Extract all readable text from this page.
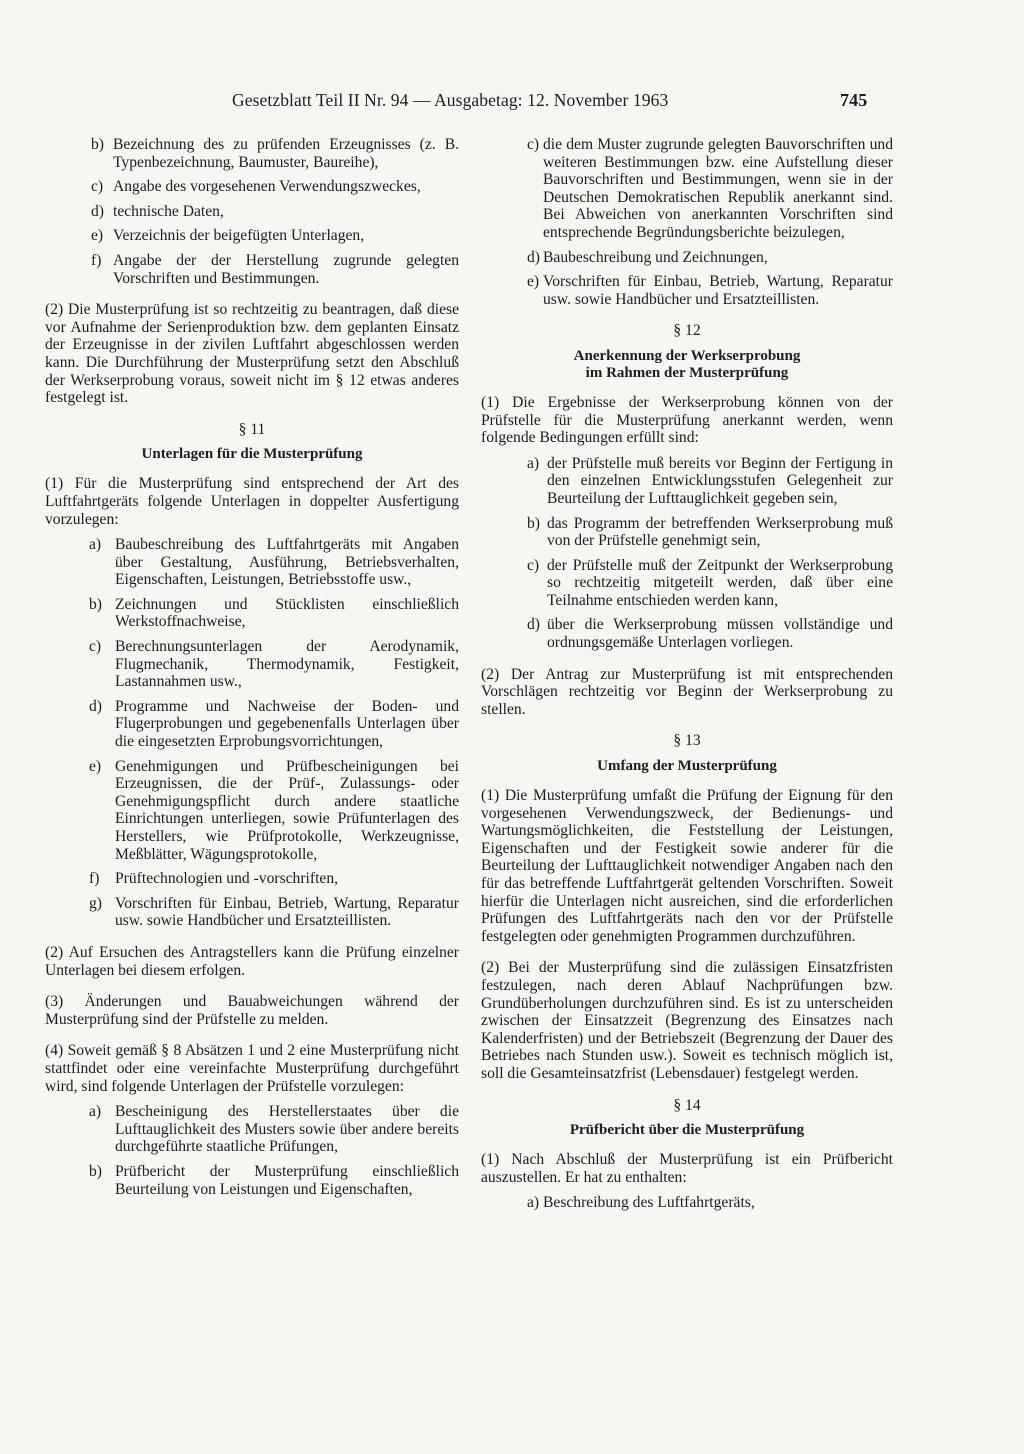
Gesetzblatt Teil II Nr. 94 — Ausgabetag: 12. November 1963	745
b) Bezeichnung des zu prüfenden Erzeugnisses (z. B. Typenbezeichnung, Baumuster, Baureihe),
c) Angabe des vorgesehenen Verwendungszweckes,
d) technische Daten,
e) Verzeichnis der beigefügten Unterlagen,
f) Angabe der der Herstellung zugrunde gelegten Vorschriften und Bestimmungen.

(2) Die Musterprüfung ist so rechtzeitig zu beantragen, daß diese vor Aufnahme der Serienproduktion bzw. dem geplanten Einsatz der Erzeugnisse in der zivilen Luftfahrt abgeschlossen werden kann. Die Durchführung der Musterprüfung setzt den Abschluß der Werkserprobung voraus, soweit nicht im § 12 etwas anderes festgelegt ist.

§ 11
Unterlagen für die Musterprüfung

(1) Für die Musterprüfung sind entsprechend der Art des Luftfahrtgeräts folgende Unterlagen in doppelter Ausfertigung vorzulegen:

a) Baubeschreibung des Luftfahrtgeräts mit Angaben über Gestaltung, Ausführung, Betriebsverhalten, Eigenschaften, Leistungen, Betriebsstoffe usw.,
b) Zeichnungen und Stücklisten einschließlich Werkstoffnachweise,
c) Berechnungsunterlagen der Aerodynamik, Flugmechanik, Thermodynamik, Festigkeit, Lastannahmen usw.,
d) Programme und Nachweise der Boden- und Flugerprobungen und gegebenenfalls Unterlagen über die eingesetzten Erprobungsvorrichtungen,
e) Genehmigungen und Prüfbescheinigungen bei Erzeugnissen, die der Prüf-, Zulassungs- oder Genehmigungspflicht durch andere staatliche Einrichtungen unterliegen, sowie Prüfunterlagen des Herstellers, wie Prüfprotokolle, Werkzeugnisse, Meßblätter, Wägungsprotokolle,
f) Prüftechnologien und -vorschriften,
g) Vorschriften für Einbau, Betrieb, Wartung, Reparatur usw. sowie Handbücher und Ersatzteillisten.

(2) Auf Ersuchen des Antragstellers kann die Prüfung einzelner Unterlagen bei diesem erfolgen.

(3) Änderungen und Bauabweichungen während der Musterprüfung sind der Prüfstelle zu melden.

(4) Soweit gemäß § 8 Absätzen 1 und 2 eine Musterprüfung nicht stattfindet oder eine vereinfachte Musterprüfung durchgeführt wird, sind folgende Unterlagen der Prüfstelle vorzulegen:

a) Bescheinigung des Herstellerstaates über die Lufttauglichkeit des Musters sowie über andere bereits durchgeführte staatliche Prüfungen,
b) Prüfbericht der Musterprüfung einschließlich Beurteilung von Leistungen und Eigenschaften,
c) die dem Muster zugrunde gelegten Bauvorschriften und weiteren Bestimmungen bzw. eine Aufstellung dieser Bauvorschriften und Bestimmungen, wenn sie in der Deutschen Demokratischen Republik anerkannt sind. Bei Abweichen von anerkannten Vorschriften sind entsprechende Begründungsberichte beizulegen,
d) Baubeschreibung und Zeichnungen,
e) Vorschriften für Einbau, Betrieb, Wartung, Reparatur usw. sowie Handbücher und Ersatzteillisten.
§ 12
Anerkennung der Werkserprobung
im Rahmen der Musterprüfung

(1) Die Ergebnisse der Werkserprobung können von der Prüfstelle für die Musterprüfung anerkannt werden, wenn folgende Bedingungen erfüllt sind:

a) der Prüfstelle muß bereits vor Beginn der Fertigung in den einzelnen Entwicklungsstufen Gelegenheit zur Beurteilung der Lufttauglichkeit gegeben sein,
b) das Programm der betreffenden Werkserprobung muß von der Prüfstelle genehmigt sein,
c) der Prüfstelle muß der Zeitpunkt der Werkserprobung so rechtzeitig mitgeteilt werden, daß über eine Teilnahme entschieden werden kann,
d) über die Werkserprobung müssen vollständige und ordnungsgemäße Unterlagen vorliegen.

(2) Der Antrag zur Musterprüfung ist mit entsprechenden Vorschlägen rechtzeitig vor Beginn der Werkserprobung zu stellen.

§ 13
Umfang der Musterprüfung

(1) Die Musterprüfung umfaßt die Prüfung der Eignung für den vorgesehenen Verwendungszweck, der Bedienungs- und Wartungsmöglichkeiten, die Feststellung der Leistungen, Eigenschaften und der Festigkeit sowie anderer für die Beurteilung der Lufttauglichkeit notwendiger Angaben nach den für das betreffende Luftfahrtgerät geltenden Vorschriften. Soweit hierfür die Unterlagen nicht ausreichen, sind die erforderlichen Prüfungen des Luftfahrtgeräts nach den vor der Prüfstelle festgelegten oder genehmigten Programmen durchzuführen.

(2) Bei der Musterprüfung sind die zulässigen Einsatzfristen festzulegen, nach deren Ablauf Nachprüfungen bzw. Grundüberholungen durchzuführen sind. Es ist zu unterscheiden zwischen der Einsatzzeit (Begrenzung des Einsatzes nach Kalenderfristen) und der Betriebszeit (Begrenzung der Dauer des Betriebes nach Stunden usw.). Soweit es technisch möglich ist, soll die Gesamteinsatzfrist (Lebensdauer) festgelegt werden.

§ 14
Prüfbericht über die Musterprüfung

(1) Nach Abschluß der Musterprüfung ist ein Prüfbericht auszustellen. Er hat zu enthalten:

a) Beschreibung des Luftfahrtgeräts,
